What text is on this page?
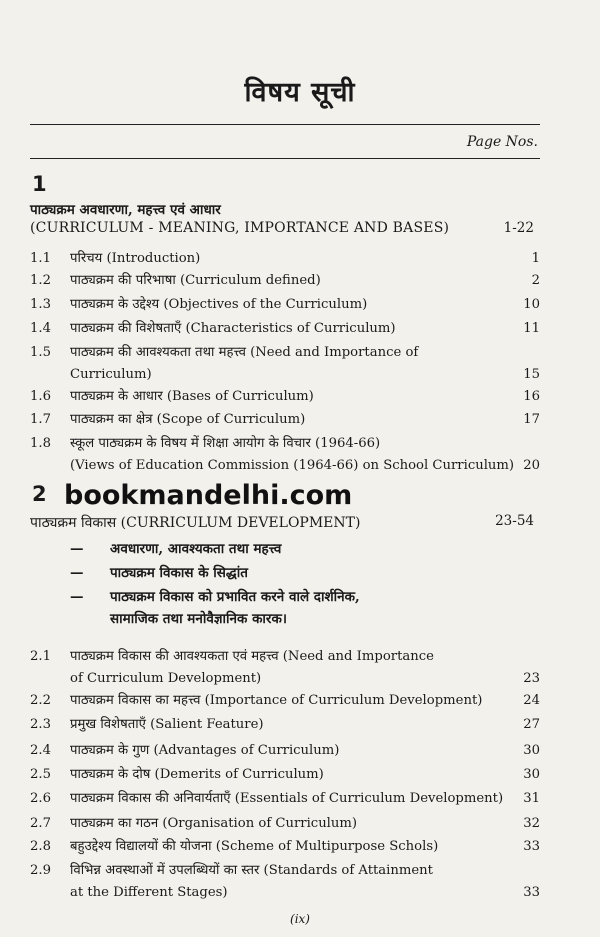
विषय सूची
Page Nos.
1
पाठ्यक्रम अवधारणा, महत्त्व एवं आधार
(CURRICULUM - MEANING, IMPORTANCE AND BASES)	1-22
1.1 परिचय (Introduction)	1
1.2 पाठ्यक्रम की परिभाषा (Curriculum defined)	2
1.3 पाठ्यक्रम के उद्देश्य (Objectives of the Curriculum)	10
1.4 पाठ्यक्रम की विशेषताएँ (Characteristics of Curriculum)	11
1.5 पाठ्यक्रम की आवश्यकता तथा महत्त्व (Need and Importance of
Curriculum)	15
1.6 पाठ्यक्रम के आधार (Bases of Curriculum)	16
1.7 पाठ्यक्रम का क्षेत्र (Scope of Curriculum)	17
1.8 स्कूल पाठ्यक्रम के विषय में शिक्षा आयोग के विचार (1964-66)
(Views of Education Commission (1964-66) on School Curriculum) 20
2 bookmandelhi.com
पाठ्यक्रम विकास (CURRICULUM DEVELOPMENT)	23-54
— अवधारणा, आवश्यकता तथा महत्त्व
— पाठ्यक्रम विकास के सिद्धांत
— पाठ्यक्रम विकास को प्रभावित करने वाले दार्शनिक,
सामाजिक तथा मनोवैज्ञानिक कारक।
2.1 पाठ्यक्रम विकास की आवश्यकता एवं महत्त्व (Need and Importance
of Curriculum Development)	23
2.2 पाठ्यक्रम विकास का महत्त्व (Importance of Curriculum Development)	24
2.3 प्रमुख विशेषताएँ (Salient Feature)	27
2.4 पाठ्यक्रम के गुण (Advantages of Curriculum)	30
2.5 पाठ्यक्रम के दोष (Demerits of Curriculum)	30
2.6 पाठ्यक्रम विकास की अनिवार्यताएँ (Essentials of Curriculum Development)	31
2.7 पाठ्यक्रम का गठन (Organisation of Curriculum)	32
2.8 बहुउद्देश्य विद्यालयों की योजना (Scheme of Multipurpose Schols)	33
2.9 विभिन्न अवस्थाओं में उपलब्धियों का स्तर (Standards of Attainment
at the Different Stages)	33
(ix)
